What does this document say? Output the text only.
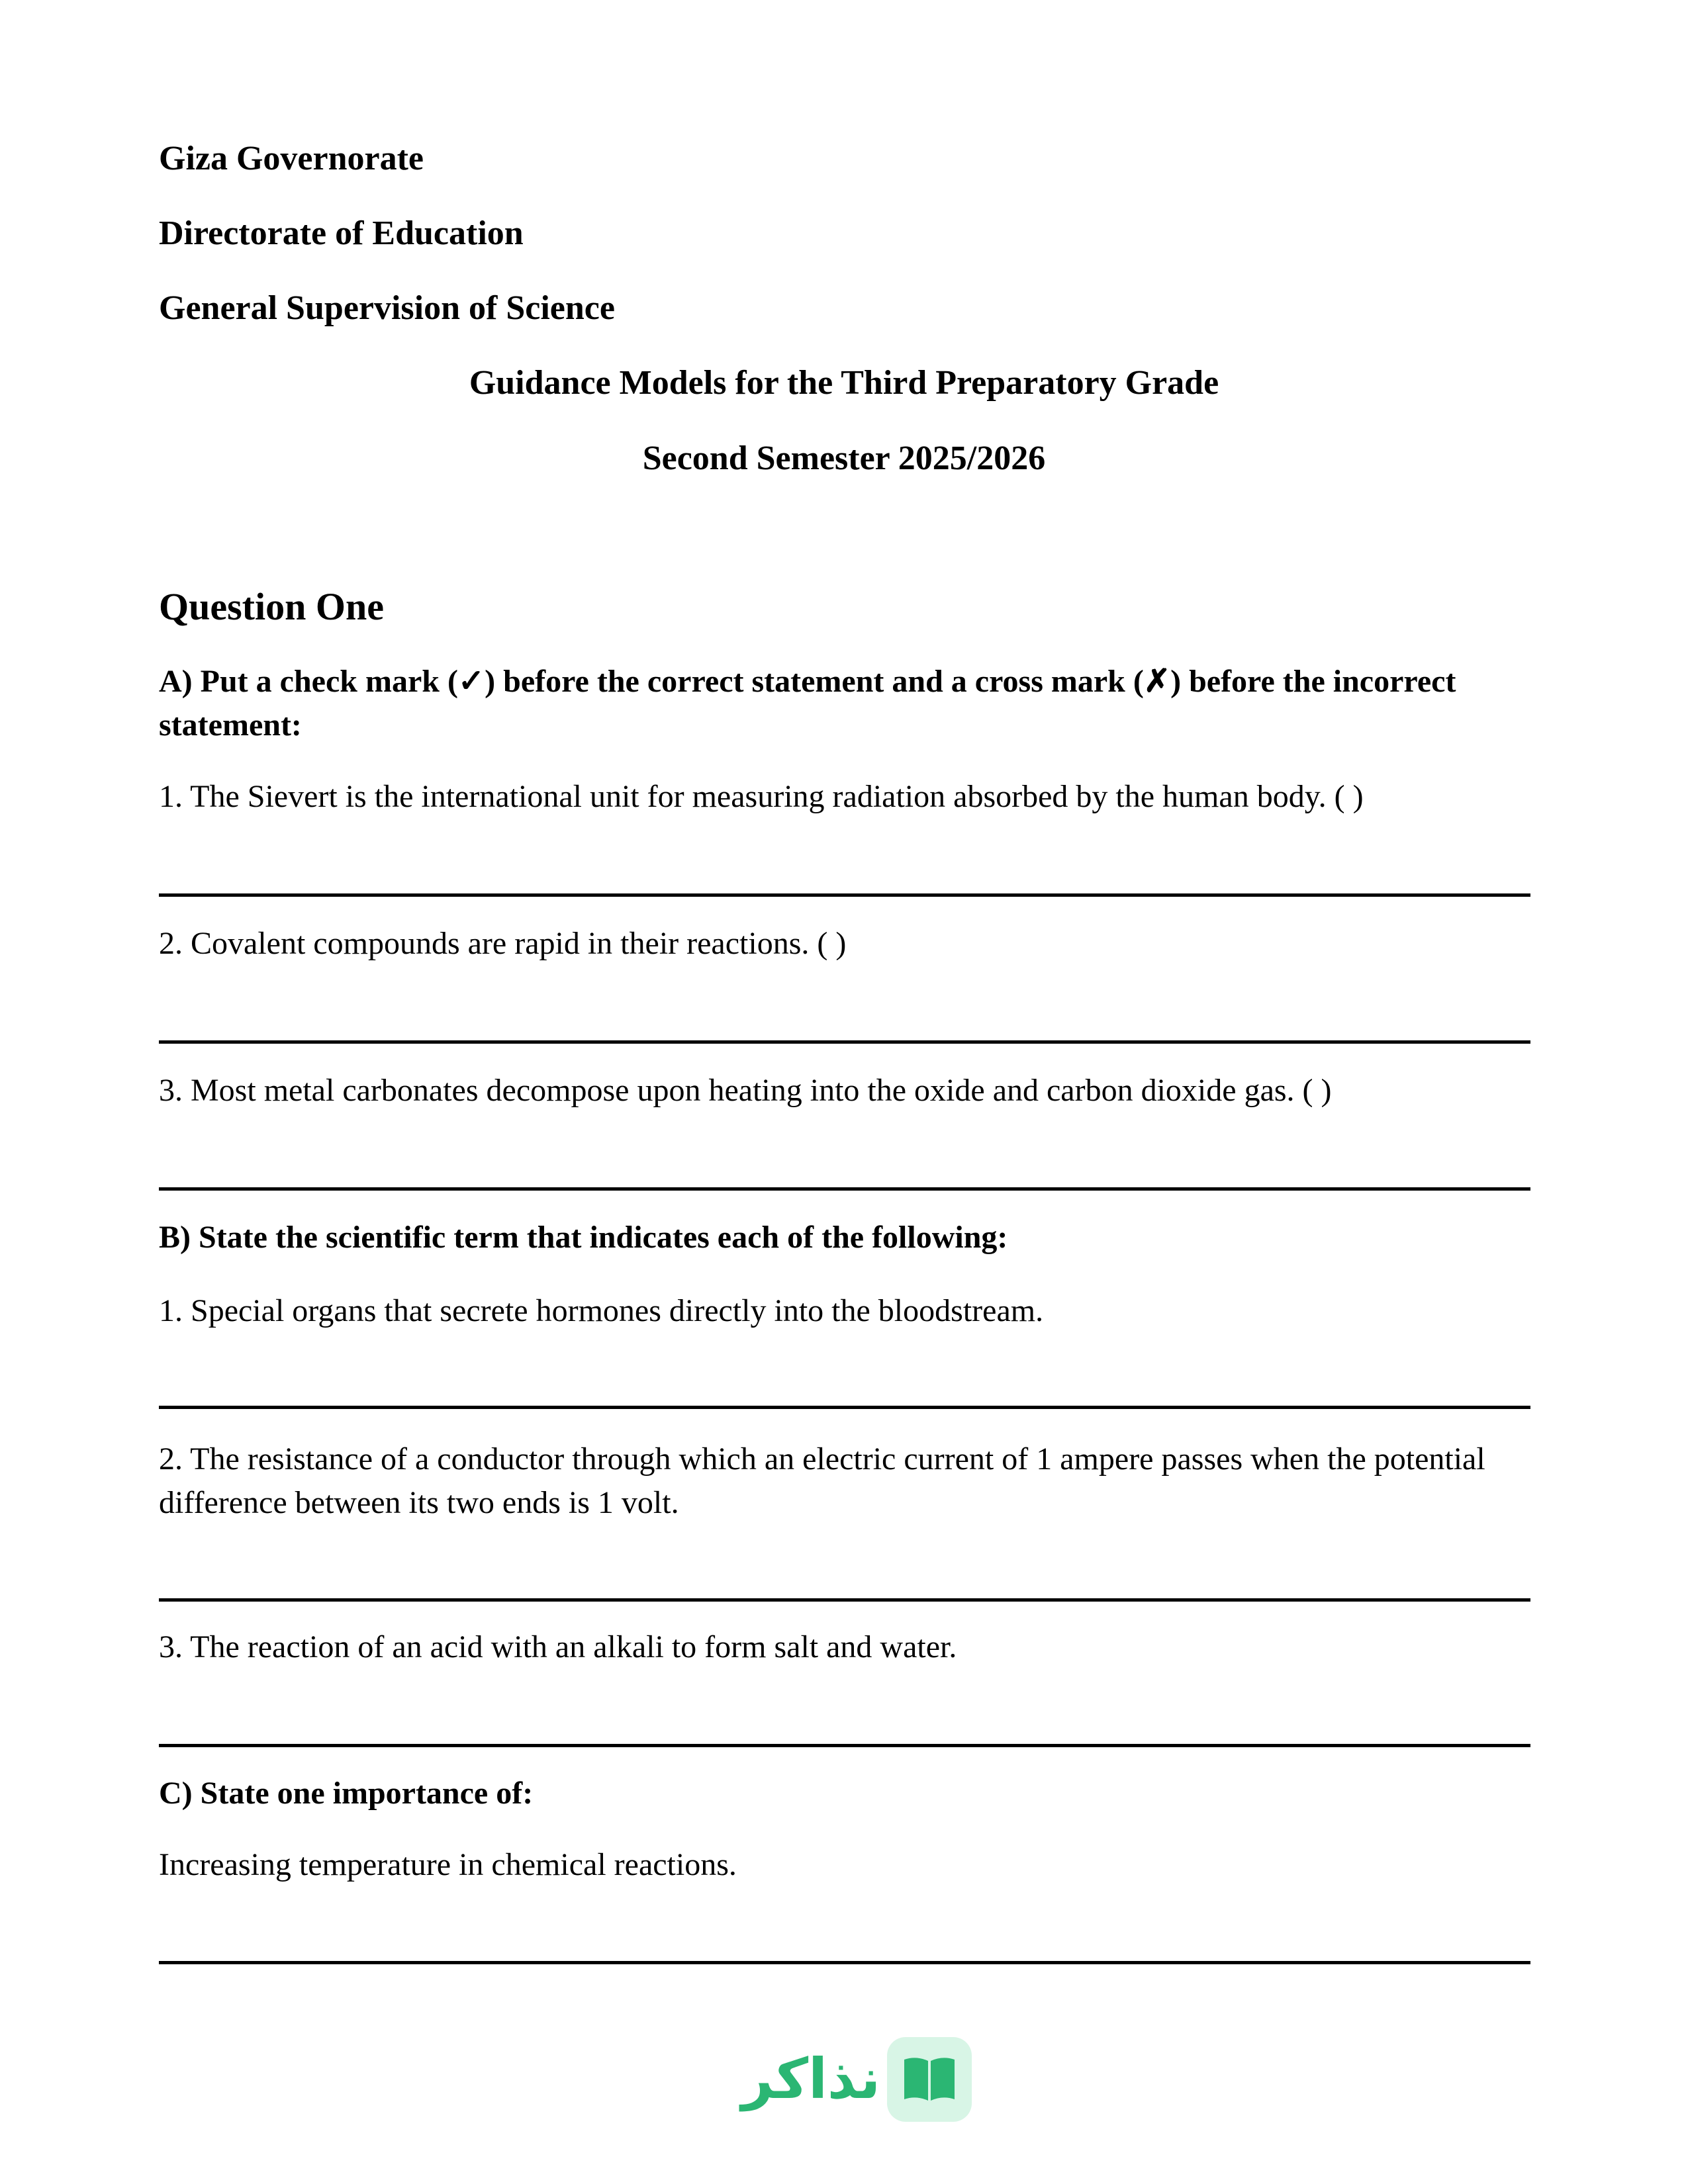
Giza Governorate
Directorate of Education
General Supervision of Science
Guidance Models for the Third Preparatory Grade
Second Semester 2025/2026
Question One
A) Put a check mark (✓) before the correct statement and a cross mark (✗) before the incorrect statement:
1. The Sievert is the international unit for measuring radiation absorbed by the human body. ( )
2. Covalent compounds are rapid in their reactions. ( )
3. Most metal carbonates decompose upon heating into the oxide and carbon dioxide gas. ( )
B) State the scientific term that indicates each of the following:
1. Special organs that secrete hormones directly into the bloodstream.
2. The resistance of a conductor through which an electric current of 1 ampere passes when the potential difference between its two ends is 1 volt.
3. The reaction of an acid with an alkali to form salt and water.
C) State one importance of:
Increasing temperature in chemical reactions.
نذاكر
